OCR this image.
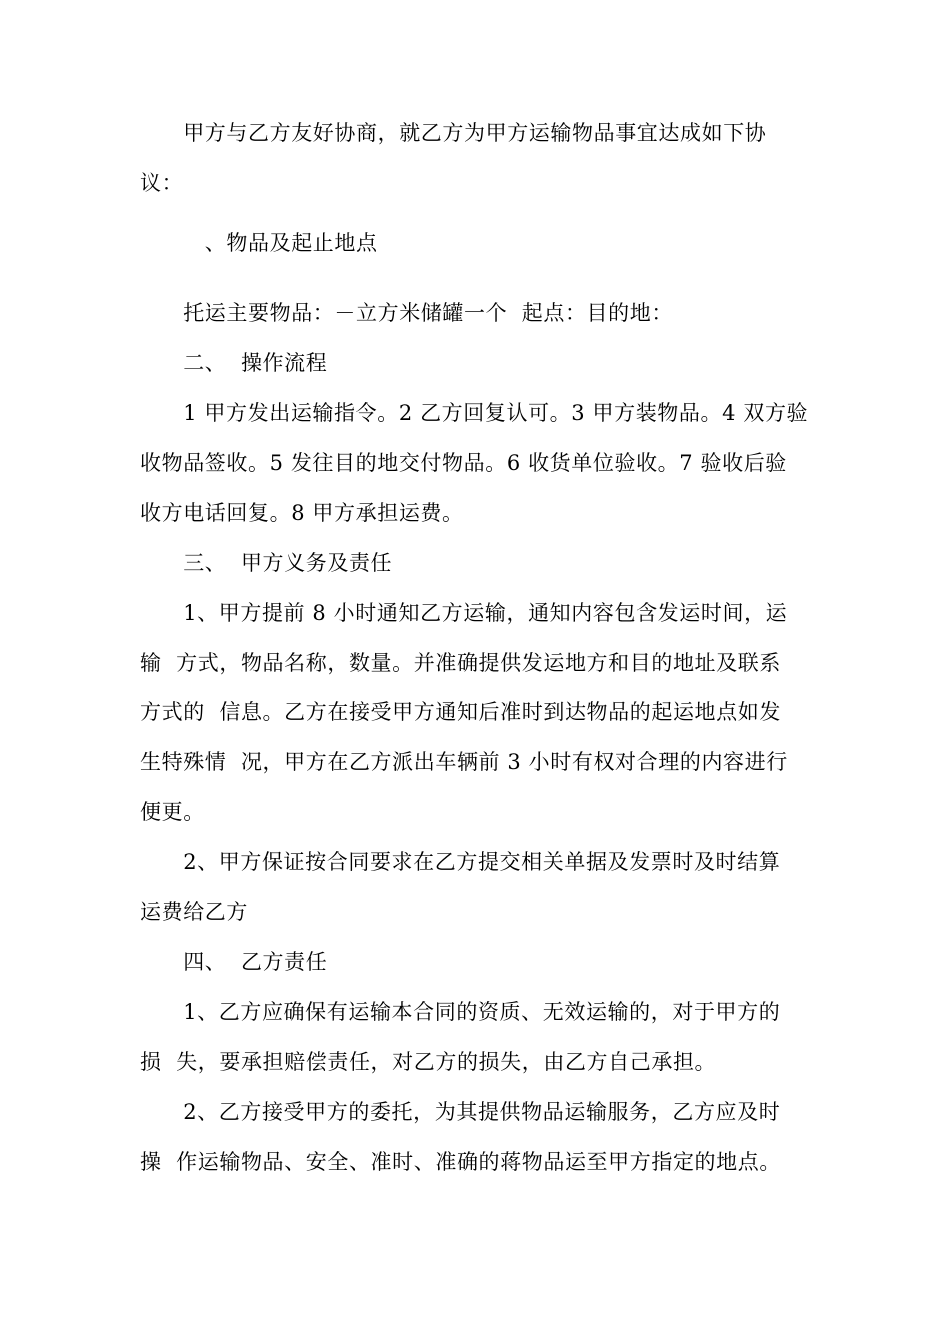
　　甲方与乙方友好协商，就乙方为甲方运输物品事宜达成如下协
议：
　　　、物品及起止地点
　　托运主要物品：－立方米储罐一个  起点：目的地：
　　二、  操作流程
　　1 甲方发出运输指令。2 乙方回复认可。3 甲方装物品。4 双方验
收物品签收。5 发往目的地交付物品。6 收货单位验收。7 验收后验
收方电话回复。8 甲方承担运费。
　　三、  甲方义务及责任
　　1、甲方提前 8 小时通知乙方运输，通知内容包含发运时间，运
输  方式，物品名称，数量。并准确提供发运地方和目的地址及联系
方式的  信息。乙方在接受甲方通知后准时到达物品的起运地点如发
生特殊情  况，甲方在乙方派出车辆前 3 小时有权对合理的内容进行
便更。
　　2、甲方保证按合同要求在乙方提交相关单据及发票时及时结算
运费给乙方
　　四、  乙方责任
　　1、乙方应确保有运输本合同的资质、无效运输的，对于甲方的
损  失，要承担赔偿责任，对乙方的损失，由乙方自己承担。
　　2、乙方接受甲方的委托，为其提供物品运输服务，乙方应及时
操  作运输物品、安全、准时、准确的蒋物品运至甲方指定的地点。
